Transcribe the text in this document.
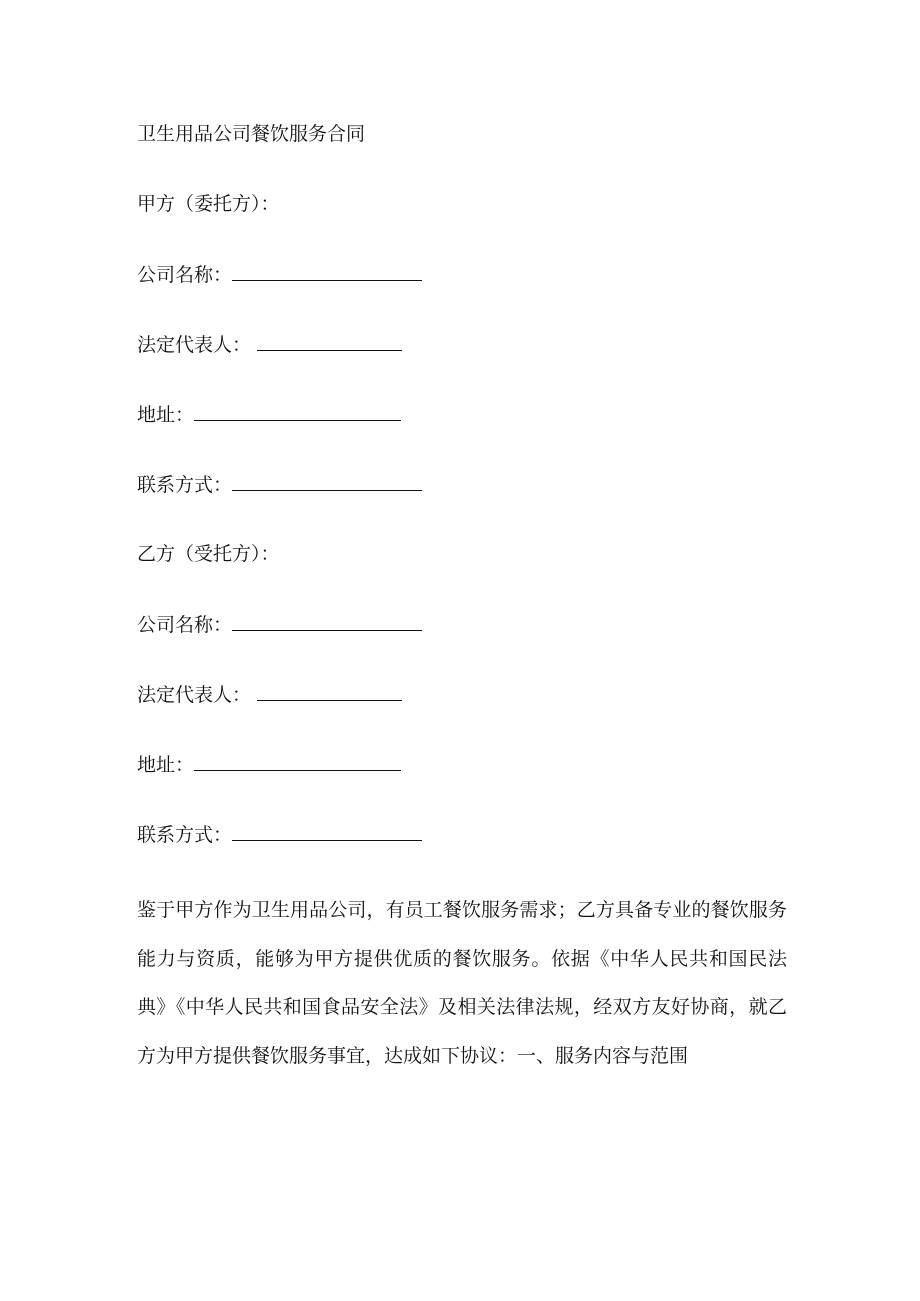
卫生用品公司餐饮服务合同
甲方（委托方）：
公司名称：
法定代表人：
地址：
联系方式：
乙方（受托方）：
公司名称：
法定代表人：
地址：
联系方式：
鉴于甲方作为卫生用品公司，有员工餐饮服务需求；乙方具备专业的餐饮服务能力与资质，能够为甲方提供优质的餐饮服务。依据《中华人民共和国民法典》《中华人民共和国食品安全法》及相关法律法规，经双方友好协商，就乙方为甲方提供餐饮服务事宜，达成如下协议：一、服务内容与范围
